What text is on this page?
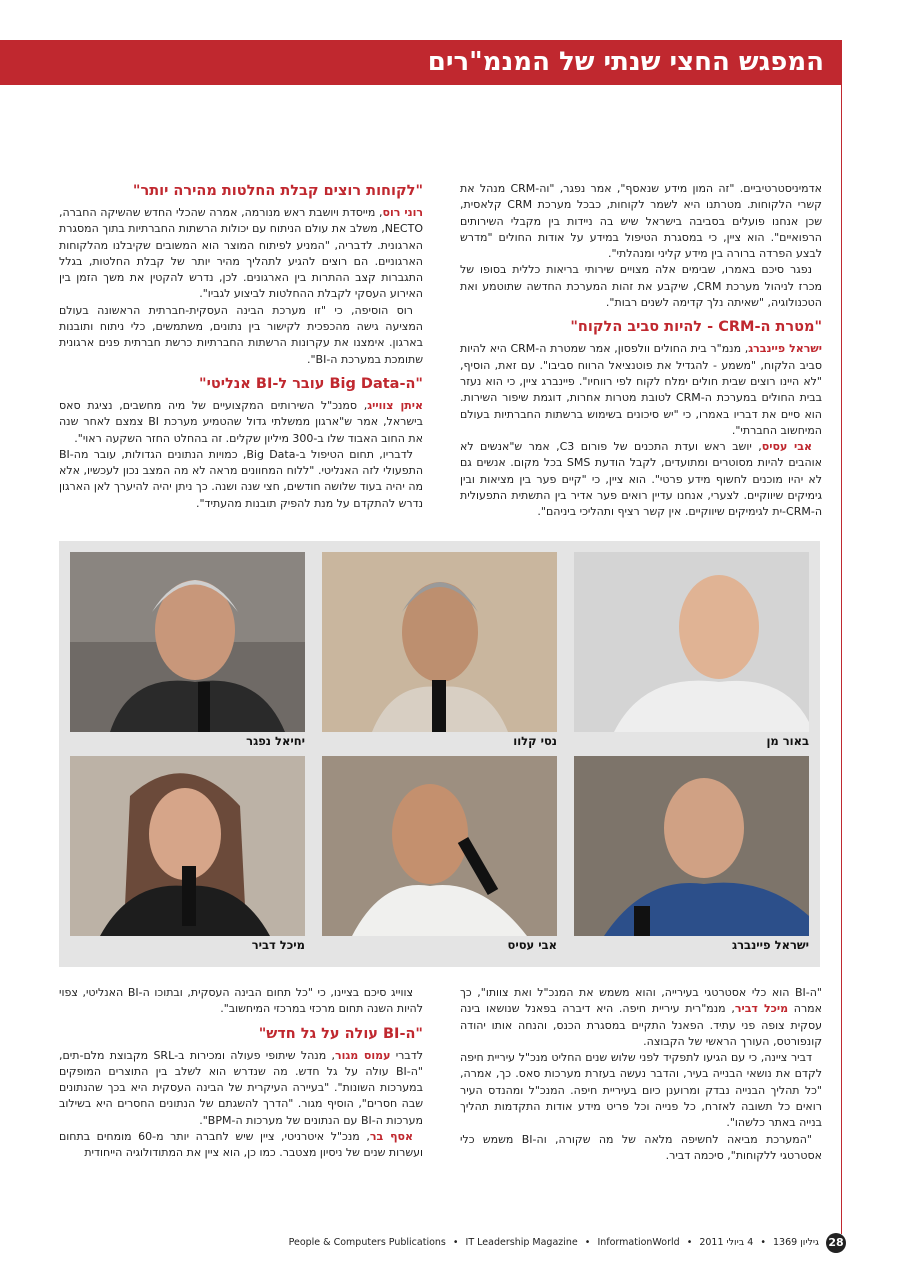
המפגש החצי שנתי של המנמ"רים

אדמיניסטרטיביים. "זה המון מידע שנאסף", אמר נפגר, "וה-CRM מנהל את קשרי הלקוחות. מטרתנו היא לשמר לקוחות, כבכל מערכת CRM קלאסית, שכן אנחנו פועלים בסביבה בישראל שיש בה ניידות בין מקבלי השירותים הרפואיים". הוא ציין, כי במסגרת הטיפול במידע על אודות החולים "מדרש לבצע הפרדה ברורה בין מידע קליני ומנהלתי".

נפגר סיכם באמרו, שבימים אלה מצויים שירותי בריאות כללית בסופו של מכרז לניהול מערכת CRM, שיקבע את זהות המערכת החדשה שתוטמע ואת הטכנולוגיה, "שאיתה נלך קדימה לשנים רבות".

"מטרת ה-CRM - להיות סביב הלקוח"

ישראל פיינברג, מנמ"ר בית החולים וולפסון, אמר שמטרת ה-CRM היא להיות סביב הלקוח, "משמע - להגדיל את פוטנציאל הרווח סביבו". עם זאת, הוסיף, "לא היינו רוצים שבית חולים ימלח לקוח לפי רווחיו". פיינברג ציין, כי הוא נעזר בבית החולים במערכת ה-CRM לטובת מטרות אחרות, דוגמת שיפור השירות. הוא סיים את דבריו באמרו, כי "יש סיכונים בשימוש ברשתות החברתיות בעולם המיחשוב החברתי".

אבי עסיס, יושב ראש ועדת התכנים של פורום C3, אמר ש"אנשים לא אוהבים להיות מסוטרים ומתועדים, לקבל הודעת SMS בכל מקום. אנשים גם לא יהיו מוכנים לחשוף מידע פרטי". הוא ציין, כי "קיים פער בין מציאות ובין גימיקים שיווקיים. לצערי, אנחנו עדיין רואים פער אדיר בין התשתית התפעולית ה-CRM-ית לגימיקים שיווקיים. אין קשר רציף ותהליכי ביניהם".

"לקוחות רוצים קבלת החלטות מהירה יותר"

רוני רוס, מייסדת ויושבת ראש מנורמה, אמרה שהכלי החדש שהשיקה החברה, NECTO, משלב את עולם הניתוח עם יכולות הרשתות החברתיות בתוך המסגרת הארגונית. לדבריה, "המניע לפיתוח המוצר הוא המשובים שקיבלנו מהלקוחות הארגוניים. הם רוצים להגיע לתהליך מהיר יותר של קבלת החלטות, בגלל התגברות קצב ההתרות בין הארגונים. לכן, נדרש להקטין את משך הזמן בין האירוע העסקי לקבלת ההחלטות לביצוע לגביו".

רוס הוסיפה, כי "זו מערכת הבינה העסקית-חברתית הראשונה בעולם המציעה גישה מהכפכית לקישור בין נתונים, משתמשים, כלי ניתוח ותובנות בארגון. אימצנו את עקרונות הרשתות החברתיות כרשת חברתית פנים ארגונית שתומכת במערכת ה-BI".

"ה-Big Data עובר ל-BI אנליטי"

איתן צווייג, סמנכ"ל השירותים המקצועיים של מיה מחשבים, נציגת סאס בישראל, אמר ש"ארגון ממשלתי גדול שהטמיע מערכת BI צמצם לאחר שנה את החוב האבוד שלו ב-300 מיליון שקלים. זה בהחלט החזר השקעה ראוי".

לדבריו, תחום הטיפול ב-Big Data, כמויות הנתונים הגדולות, עובר מה-BI התפעולי לזה האנליטי. "ללוח המחוונים מראה לא מה המצב נכון לעכשיו, אלא מה יהיה בעוד שלושה חודשים, חצי שנה ושנה. כך ניתן יהיה להיערך לאן הארגון נדרש להתקדם על מנת להפיק תובנות מהעתיד".

יחיאל נפגר	נסי קלוו	באור מן
מיכל דביר	אבי עסיס	ישראל פיינברג

"ה-BI הוא כלי אסטרטגי בעירייה, והוא משמש את המנכ"ל ואת צוותו", כך אמרה מיכל דביר, מנמ"רית עיריית חיפה. היא דיברה בפאנל שנושאו בינה עסקית צופה פני עתיד. הפאנל התקיים במסגרת הכנס, והנחה אותו יהודה קונפורטס, העורך הראשי של הקבוצה.

דביר ציינה, כי עם הגיעו לתפקיד לפני שלוש שנים החליט מנכ"ל עיריית חיפה לקדם את נושאי הבנייה בעיר, והדבר נעשה בעזרת מערכות סאס. כך, אמרה, "כל תהליך הבנייה נבדק ומרוענן כיום בעיריית חיפה. המנכ"ל ומהנדס העיר רואים כל תשובה לאזרח, כל פנייה וכל פריט מידע אודות התקדמות תהליך בנייה באתר כלשהו".

"המערכת מביאה לחשיפה מלאה של מה שקורה, וה-BI משמש כלי אסטרטגי ללקוחות", סיכמה דביר.

צווייג סיכם בציינו, כי "כל תחום הבינה העסקית, ובתוכו ה-BI האנליטי, צפוי להיות השנה תחום מרכזי במרכזי המיחשוב".

"ה-BI עולה על גל חדש"

לדברי עמוס מגור, מנהל שיתופי פעולה ומכירות ב-SRL מקבוצת מלם-תים, "ה-BI עולה על גל חדש. מה שנדרש הוא לשלב בין התוצרים המופקים במערכות השונות". "בעיירה העיקרית של הבינה העסקית היא בכך שהנתונים שבה חסרים", הוסיף מגור. "הדרך להשגתם של הנתונים החסרים היא בשילוב מערכות ה-BI עם הנתונים של מערכות ה-BPM".

אסף בר, מנכ"ל איטרניטי, ציין שיש לחברה יותר מ-60 מומחים בתחום ועשרות שנים של ניסיון מצטבר. כמו כן, הוא ציין את המתודולוגיה הייחודית

28 גיליון 1369 • 4 ביולי 2011 • People & Computers Publications • IT Leadership Magazine • InformationWorld
